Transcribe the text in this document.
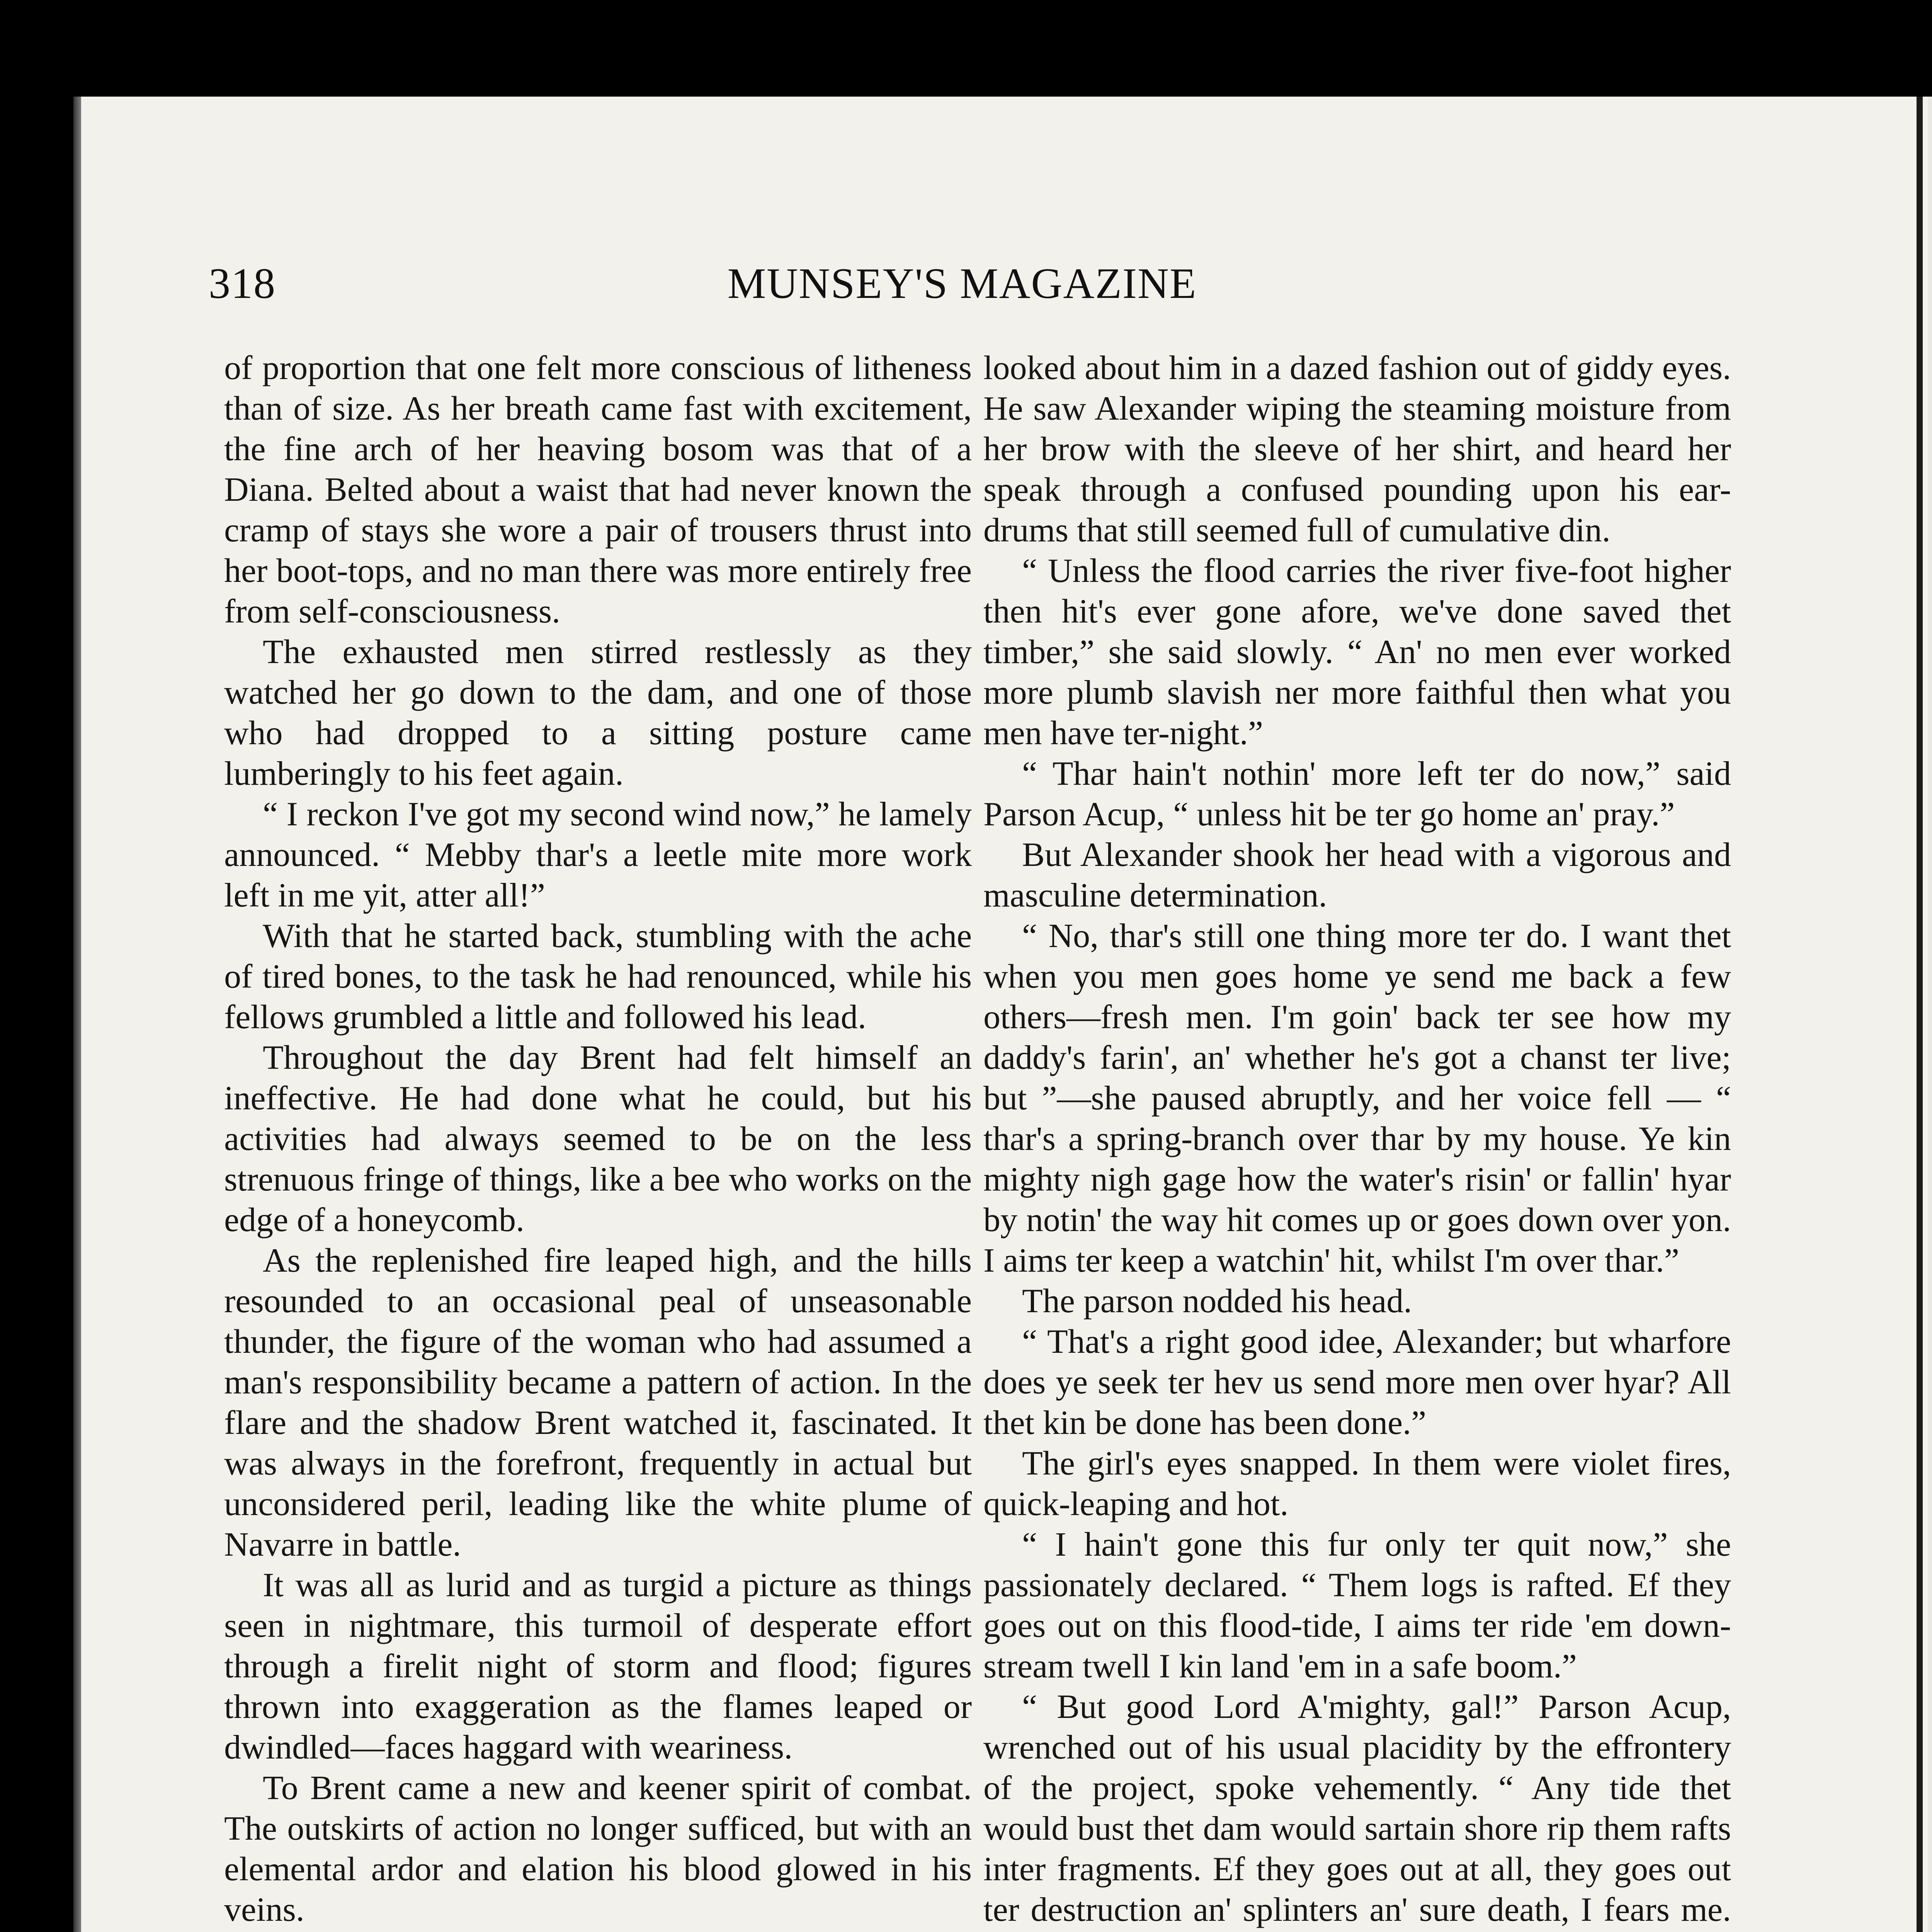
318	MUNSEY'S MAGAZINE

of proportion that one felt more conscious of litheness than of size. As her breath came fast with excitement, the fine arch of her heaving bosom was that of a Diana. Belted about a waist that had never known the cramp of stays she wore a pair of trousers thrust into her boot-tops, and no man there was more entirely free from self-consciousness.

The exhausted men stirred restlessly as they watched her go down to the dam, and one of those who had dropped to a sitting posture came lumberingly to his feet again.

“ I reckon I've got my second wind now,” he lamely announced. “ Mebby thar's a leetle mite more work left in me yit, atter all!”

With that he started back, stumbling with the ache of tired bones, to the task he had renounced, while his fellows grumbled a little and followed his lead.

Throughout the day Brent had felt himself an ineffective. He had done what he could, but his activities had always seemed to be on the less strenuous fringe of things, like a bee who works on the edge of a honeycomb.

As the replenished fire leaped high, and the hills resounded to an occasional peal of unseasonable thunder, the figure of the woman who had assumed a man's responsibility became a pattern of action. In the flare and the shadow Brent watched it, fascinated. It was always in the forefront, frequently in actual but unconsidered peril, leading like the white plume of Navarre in battle.

It was all as lurid and as turgid a picture as things seen in nightmare, this turmoil of desperate effort through a firelit night of storm and flood; figures thrown into exaggeration as the flames leaped or dwindled—faces haggard with weariness.

To Brent came a new and keener spirit of combat. The outskirts of action no longer sufficed, but with an elemental ardor and elation his blood glowed in his veins.

looked about him in a dazed fashion out of giddy eyes. He saw Alexander wiping the steaming moisture from her brow with the sleeve of her shirt, and heard her speak through a confused pounding upon his ear-drums that still seemed full of cumulative din.

“ Unless the flood carries the river five-foot higher then hit's ever gone afore, we've done saved thet timber,” she said slowly. “ An' no men ever worked more plumb slavish ner more faithful then what you men have ter-night.”

“ Thar hain't nothin' more left ter do now,” said Parson Acup, “ unless hit be ter go home an' pray.”

But Alexander shook her head with a vigorous and masculine determination.

“ No, thar's still one thing more ter do. I want thet when you men goes home ye send me back a few others—fresh men. I'm goin' back ter see how my daddy's farin', an' whether he's got a chanst ter live; but ”—she paused abruptly, and her voice fell — “ thar's a spring-branch over thar by my house. Ye kin mighty nigh gage how the water's risin' or fallin' hyar by notin' the way hit comes up or goes down over yon. I aims ter keep a watchin' hit, whilst I'm over thar.”

The parson nodded his head.

“ That's a right good idee, Alexander; but wharfore does ye seek ter hev us send more men over hyar? All thet kin be done has been done.”

The girl's eyes snapped. In them were violet fires, quick-leaping and hot.

“ I hain't gone this fur only ter quit now,” she passionately declared. “ Them logs is rafted. Ef they goes out on this flood-tide, I aims ter ride 'em down-stream twell I kin land 'em in a safe boom.”

“ But good Lord A'mighty, gal!” Parson Acup, wrenched out of his usual placidity by the effrontery of the project, spoke vehemently. “ Any tide thet would bust thet dam would sartain shore rip them rafts inter fragments. Ef they goes out at all, they goes out ter destruction an' splinters an' sure death, I fears me.
